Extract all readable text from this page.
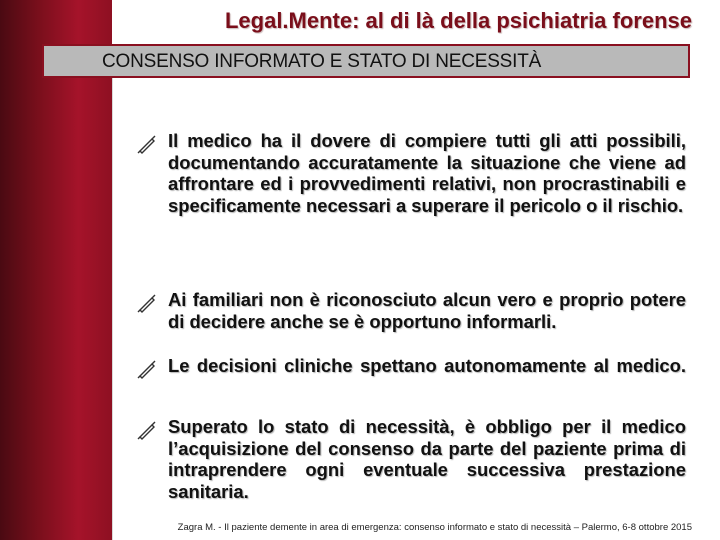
Legal.Mente: al di là della psichiatria forense
CONSENSO INFORMATO E STATO DI NECESSITÀ
Il medico ha il dovere di compiere tutti gli atti possibili, documentando accuratamente la situazione che viene ad affrontare ed i provvedimenti relativi, non procrastinabili e specificamente necessari a superare il pericolo o il rischio.
Ai familiari non è riconosciuto alcun vero e proprio potere di decidere anche se è opportuno informarli.
Le decisioni cliniche spettano autonomamente al medico.
Superato lo stato di necessità, è obbligo per il medico l’acquisizione del consenso da parte del paziente prima di intraprendere ogni eventuale successiva prestazione sanitaria.
Zagra M. - Il paziente demente in area di emergenza: consenso informato e stato di necessità – Palermo, 6-8 ottobre 2015
